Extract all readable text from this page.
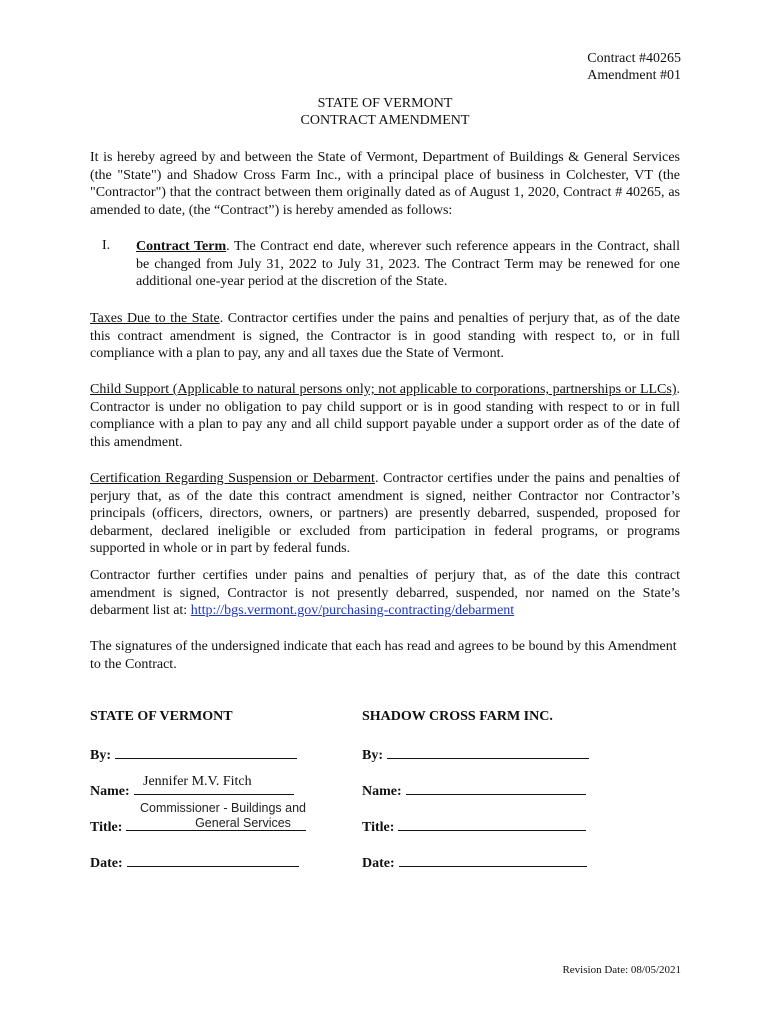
Contract #40265
Amendment #01
STATE OF VERMONT
CONTRACT AMENDMENT
It is hereby agreed by and between the State of Vermont, Department of Buildings & General Services (the "State") and Shadow Cross Farm Inc., with a principal place of business in Colchester, VT (the "Contractor") that the contract between them originally dated as of August 1, 2020, Contract # 40265, as amended to date, (the “Contract”) is hereby amended as follows:
I. Contract Term. The Contract end date, wherever such reference appears in the Contract, shall be changed from July 31, 2022 to July 31, 2023. The Contract Term may be renewed for one additional one-year period at the discretion of the State.
Taxes Due to the State. Contractor certifies under the pains and penalties of perjury that, as of the date this contract amendment is signed, the Contractor is in good standing with respect to, or in full compliance with a plan to pay, any and all taxes due the State of Vermont.
Child Support (Applicable to natural persons only; not applicable to corporations, partnerships or LLCs). Contractor is under no obligation to pay child support or is in good standing with respect to or in full compliance with a plan to pay any and all child support payable under a support order as of the date of this amendment.
Certification Regarding Suspension or Debarment. Contractor certifies under the pains and penalties of perjury that, as of the date this contract amendment is signed, neither Contractor nor Contractor’s principals (officers, directors, owners, or partners) are presently debarred, suspended, proposed for debarment, declared ineligible or excluded from participation in federal programs, or programs supported in whole or in part by federal funds.
Contractor further certifies under pains and penalties of perjury that, as of the date this contract amendment is signed, Contractor is not presently debarred, suspended, nor named on the State’s debarment list at: http://bgs.vermont.gov/purchasing-contracting/debarment
The signatures of the undersigned indicate that each has read and agrees to be bound by this Amendment to the Contract.
STATE OF VERMONT
By:
Name:
Jennifer M.V. Fitch
Title:
Commissioner - Buildings and
General Services
Date:
SHADOW CROSS FARM INC.
By:
Name:
Title:
Date:
Revision Date: 08/05/2021
